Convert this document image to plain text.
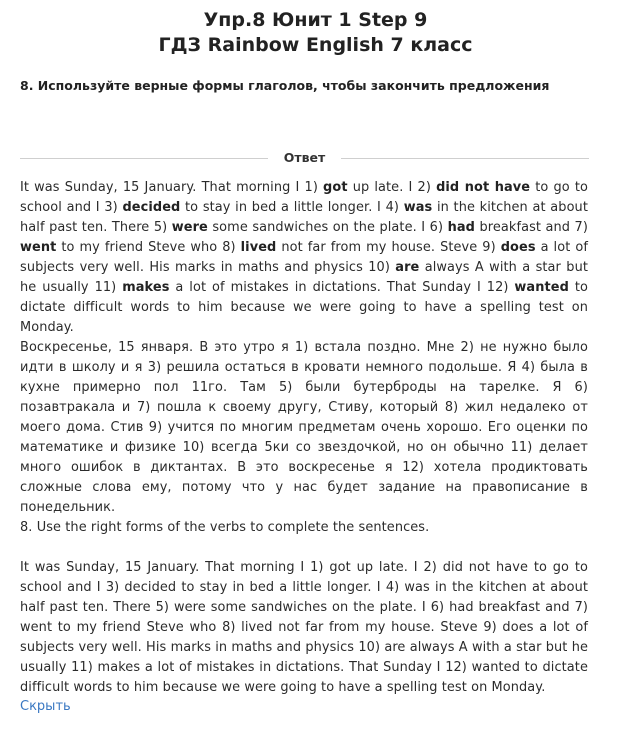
Упр.8 Юнит 1 Step 9
ГДЗ Rainbow English 7 класс
8. Используйте верные формы глаголов, чтобы закончить предложения
Ответ
It was Sunday, 15 January. That morning I 1) got up late. I 2) did not have to go to school and I 3) decided to stay in bed a little longer. I 4) was in the kitchen at about half past ten. There 5) were some sandwiches on the plate. I 6) had breakfast and 7) went to my friend Steve who 8) lived not far from my house. Steve 9) does a lot of subjects very well. His marks in maths and physics 10) are always A with a star but he usually 11) makes a lot of mistakes in dictations. That Sunday I 12) wanted to dictate difficult words to him because we were going to have a spelling test on Monday.
Воскресенье, 15 января. В это утро я 1) встала поздно. Мне 2) не нужно было идти в школу и я 3) решила остаться в кровати немного подольше. Я 4) была в кухне примерно пол 11го. Там 5) были бутерброды на тарелке. Я 6) позавтракала и 7) пошла к своему другу, Стиву, который 8) жил недалеко от моего дома. Стив 9) учится по многим предметам очень хорошо. Его оценки по математике и физике 10) всегда 5ки со звездочкой, но он обычно 11) делает много ошибок в диктантах. В это воскресенье я 12) хотела продиктовать сложные слова ему, потому что у нас будет задание на правописание в понедельник.
8. Use the right forms of the verbs to complete the sentences.
It was Sunday, 15 January. That morning I 1) got up late. I 2) did not have to go to school and I 3) decided to stay in bed a little longer. I 4) was in the kitchen at about half past ten. There 5) were some sandwiches on the plate. I 6) had breakfast and 7) went to my friend Steve who 8) lived not far from my house. Steve 9) does a lot of subjects very well. His marks in maths and physics 10) are always A with a star but he usually 11) makes a lot of mistakes in dictations. That Sunday I 12) wanted to dictate difficult words to him because we were going to have a spelling test on Monday.
Скрыть
